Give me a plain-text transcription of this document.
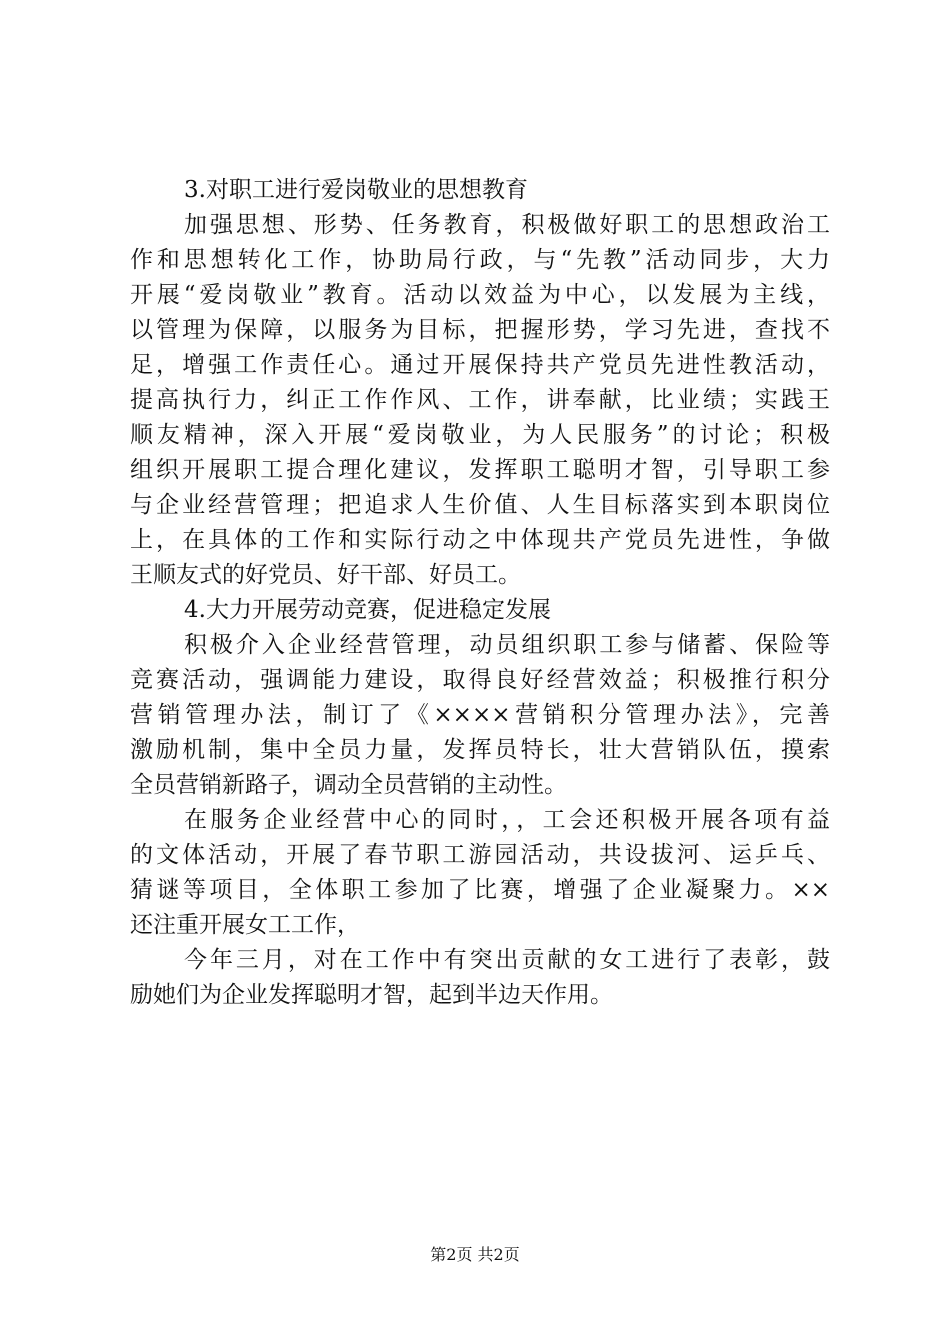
3.对职工进行爱岗敬业的思想教育
加强思想、形势、任务教育，积极做好职工的思想政治工
作和思想转化工作，协助局行政，与“先教”活动同步，大力
开展“爱岗敬业”教育。活动以效益为中心，以发展为主线，
以管理为保障，以服务为目标，把握形势，学习先进，查找不
足，增强工作责任心。通过开展保持共产党员先进性教活动，
提高执行力，纠正工作作风、工作，讲奉献，比业绩；实践王
顺友精神，深入开展“爱岗敬业，为人民服务”的讨论；积极
组织开展职工提合理化建议，发挥职工聪明才智，引导职工参
与企业经营管理；把追求人生价值、人生目标落实到本职岗位
上，在具体的工作和实际行动之中体现共产党员先进性，争做
王顺友式的好党员、好干部、好员工。
4.大力开展劳动竞赛，促进稳定发展
积极介入企业经营管理，动员组织职工参与储蓄、保险等
竞赛活动，强调能力建设，取得良好经营效益；积极推行积分
营销管理办法，制订了《××××营销积分管理办法》，完善
激励机制，集中全员力量，发挥员特长，壮大营销队伍，摸索
全员营销新路子，调动全员营销的主动性。
在服务企业经营中心的同时，，工会还积极开展各项有益
的文体活动，开展了春节职工游园活动，共设拔河、运乒乓、
猜谜等项目，全体职工参加了比赛，增强了企业凝聚力。××
还注重开展女工工作，
今年三月，对在工作中有突出贡献的女工进行了表彰，鼓
励她们为企业发挥聪明才智，起到半边天作用。
第2页 共2页
